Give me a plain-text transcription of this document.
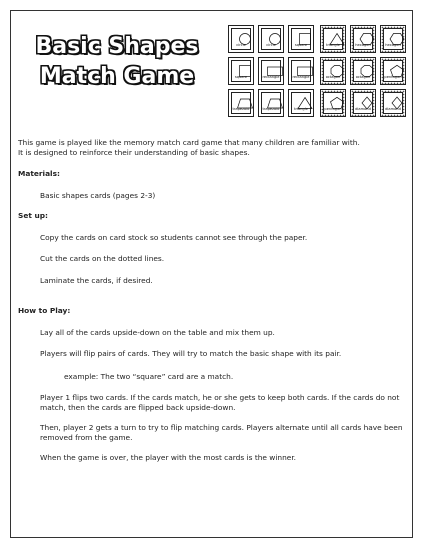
Basic Shapes
Match Game
circle	circle	square
square	rectangle	rectangle
trapezoid	trapezoid	triangle
triangle	hexagon	hexagon
octagon	octagon	pentagon
pentagon	diamond	diamond

This game is played like the memory match card game that many children are familiar with.

It is designed to reinforce their understanding of basic shapes.

Materials:

Basic shapes cards (pages 2-3)

Set up:

Copy the cards on card stock so students cannot see through the paper.

Cut the cards on the dotted lines.

Laminate the cards, if desired.

How to Play:

Lay all of the cards upside-down on the table and mix them up.

Players will flip pairs of cards. They will try to match the basic shape with its pair.

example: The two “square” card are a match.

Player 1 flips two cards. If the cards match, he or she gets to keep both cards. If the cards do not match, then the cards are flipped back upside-down.

Then, player 2 gets a turn to try to flip matching cards. Players alternate until all cards have been removed from the game.

When the game is over, the player with the most cards is the winner.
